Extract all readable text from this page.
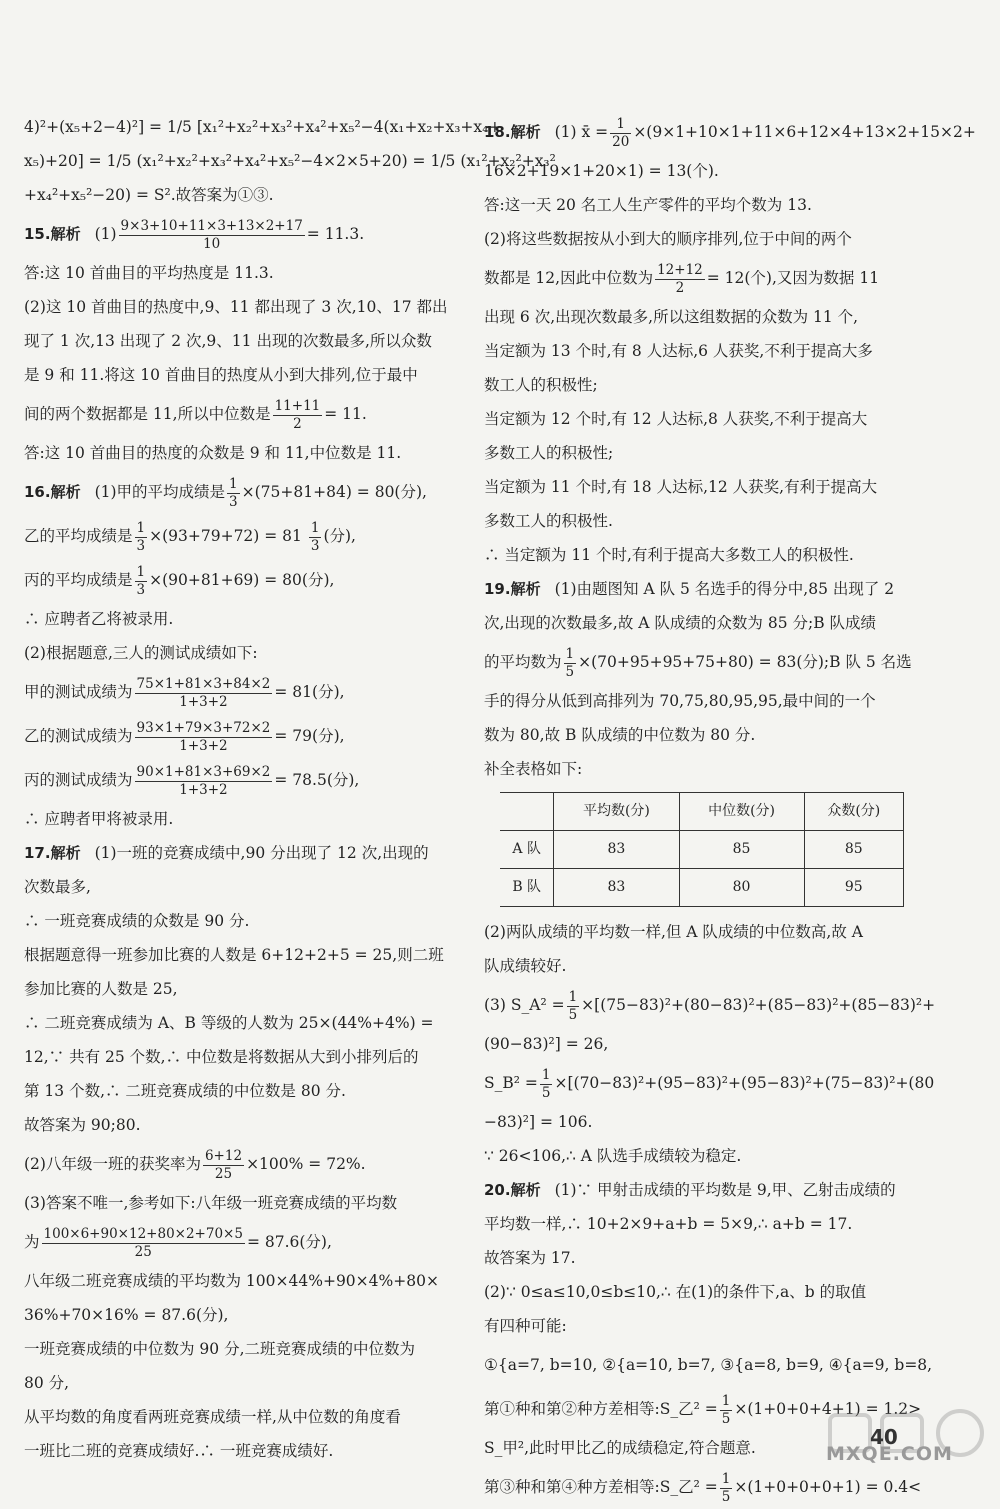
4)²+(x₅+2−4)²] = 1/5 [x₁²+x₂²+x₃²+x₄²+x₅²−4(x₁+x₂+x₃+x₄+
x₅)+20] = 1/5 (x₁²+x₂²+x₃²+x₄²+x₅²−4×2×5+20) = 1/5 (x₁²+x₂²+x₃²
+x₄²+x₅²−20) = S².故答案为①③.
15.解析 $(1) \frac{9\times 3+10+11\times 3+13\times 2+17}{10} = 11.3$.
答:这 10 首曲目的平均热度是 11.3.
(2)这 10 首曲目的热度中,9、11 都出现了 3 次,10、17 都出
现了 1 次,13 出现了 2 次,9、11 出现的次数最多,所以众数
是 9 和 11.将这 10 首曲目的热度从小到大排列,位于最中
间的两个数据都是 11,所以中位数是 $\frac{11+11}{2} = 11$.
答:这 10 首曲目的热度的众数是 9 和 11,中位数是 11.
16.解析 (1)甲的平均成绩是 $\frac{1}{3} \times(75+81+84) = 80$(分),
乙的平均成绩是 $\frac{1}{3} \times(93+79+72) = 81 \frac{1}{3}$ (分),
丙的平均成绩是 $\frac{1}{3} \times(90+81+69) = 80$(分),
∴ 应聘者乙将被录用.
(2)根据题意,三人的测试成绩如下:
甲的测试成绩为 $\frac{75\times 1+81\times 3+84\times 2}{1+3+2} = 81$(分),
乙的测试成绩为 $\frac{93\times 1+79\times 3+72\times 2}{1+3+2} = 79$(分),
丙的测试成绩为 $\frac{90\times 1+81\times 3+69\times 2}{1+3+2} = 78.5$(分),
∴ 应聘者甲将被录用.
17.解析 (1)一班的竞赛成绩中,90 分出现了 12 次,出现的
次数最多,
∴ 一班竞赛成绩的众数是 90 分.
根据题意得一班参加比赛的人数是 6+12+2+5 = 25,则二班
参加比赛的人数是 25,
∴ 二班竞赛成绩为 A、B 等级的人数为 25×(44%+4%) =
12,∵ 共有 25 个数,∴ 中位数是将数据从大到小排列后的
第 13 个数,∴ 二班竞赛成绩的中位数是 80 分.
故答案为 90;80.
(2)八年级一班的获奖率为 $\frac{6+12}{25} \times 100\% = 72\%$.
(3)答案不唯一,参考如下:八年级一班竞赛成绩的平均数
为 $\frac{100\times 6+90\times 12+80\times 2+70\times 5}{25} = 87.6$(分),
八年级二班竞赛成绩的平均数为 100×44%+90×4%+80×
36%+70×16% = 87.6(分),
一班竞赛成绩的中位数为 90 分,二班竞赛成绩的中位数为
80 分,
从平均数的角度看两班竞赛成绩一样,从中位数的角度看
一班比二班的竞赛成绩好.∴ 一班竞赛成绩好.
18.解析 (1) x̄ = $\frac{1}{20} \times(9\times 1+10\times 1+11\times 6+12\times 4+13\times 2+15\times 2+$
16×2+19×1+20×1) = 13(个).
答:这一天 20 名工人生产零件的平均个数为 13.
(2)将这些数据按从小到大的顺序排列,位于中间的两个
数都是 12,因此中位数为 $\frac{12+12}{2} = 12$(个),又因为数据 11
出现 6 次,出现次数最多,所以这组数据的众数为 11 个,
当定额为 13 个时,有 8 人达标,6 人获奖,不利于提高大多
数工人的积极性;
当定额为 12 个时,有 12 人达标,8 人获奖,不利于提高大
多数工人的积极性;
当定额为 11 个时,有 18 人达标,12 人获奖,有利于提高大
多数工人的积极性.
∴ 当定额为 11 个时,有利于提高大多数工人的积极性.
19.解析 (1)由题图知 A 队 5 名选手的得分中,85 出现了 2
次,出现的次数最多,故 A 队成绩的众数为 85 分;B 队成绩
的平均数为 $\frac{1}{5} \times(70+95+95+75+80) = 83$(分);B 队 5 名选
手的得分从低到高排列为 70,75,80,95,95,最中间的一个
数为 80,故 B 队成绩的中位数为 80 分.
补全表格如下:
	平均数(分)	中位数(分)	众数(分)
A 队	83	85	85
B 队	83	80	95
(2)两队成绩的平均数一样,但 A 队成绩的中位数高,故 A
队成绩较好.
(3) S_A² = $\frac{1}{5} \times[(75-83)^2+(80-83)^2+(85-83)^2+(85-83)^2+$
(90−83)²] = 26,
S_B² = $\frac{1}{5} \times[(70-83)^2+(95-83)^2+(95-83)^2+(75-83)^2+(80$
−83)²] = 106.
∵ 26<106,∴ A 队选手成绩较为稳定.
20.解析 (1)∵ 甲射击成绩的平均数是 9,甲、乙射击成绩的
平均数一样,∴ 10+2×9+a+b = 5×9,∴ a+b = 17.
故答案为 17.
(2)∵ 0≤a≤10,0≤b≤10,∴ 在(1)的条件下,a、b 的取值
有四种可能:
①{a=7, b=10, ②{a=10, b=7, ③{a=8, b=9, ④{a=9, b=8,
第①种和第②种方差相等:S_乙$^2 = \frac{1}{5} \times(1+0+0+4+1) = 1.2>$
S_甲²,此时甲比乙的成绩稳定,符合题意.
第③种和第④种方差相等:S_乙$^2 = \frac{1}{5} \times(1+0+0+0+1) = 0.4<$
40
MXQE.COM
